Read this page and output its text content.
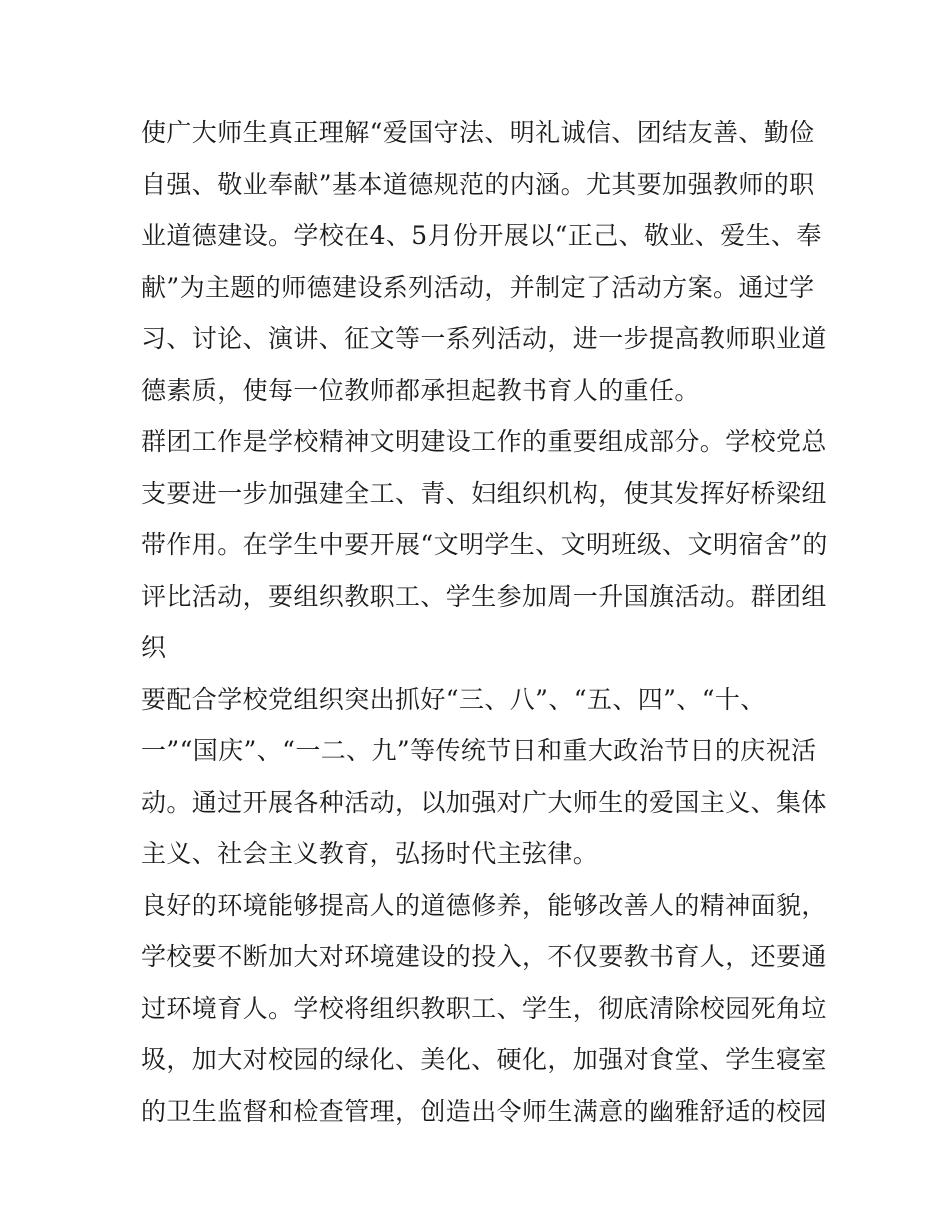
使广大师生真正理解“爱国守法、明礼诚信、团结友善、勤俭
自强、敬业奉献”基本道德规范的内涵。尤其要加强教师的职
业道德建设。学校在4、5月份开展以“正己、敬业、爱生、奉
献”为主题的师德建设系列活动，并制定了活动方案。通过学
习、讨论、演讲、征文等一系列活动，进一步提高教师职业道
德素质，使每一位教师都承担起教书育人的重任。
群团工作是学校精神文明建设工作的重要组成部分。学校党总
支要进一步加强建全工、青、妇组织机构，使其发挥好桥梁纽
带作用。在学生中要开展“文明学生、文明班级、文明宿舍”的
评比活动，要组织教职工、学生参加周一升国旗活动。群团组
织
要配合学校党组织突出抓好“三、八”、“五、四”、“十、
一”“国庆”、“一二、九”等传统节日和重大政治节日的庆祝活
动。通过开展各种活动，以加强对广大师生的爱国主义、集体
主义、社会主义教育，弘扬时代主弦律。
良好的环境能够提高人的道德修养，能够改善人的精神面貌，
学校要不断加大对环境建设的投入，不仅要教书育人，还要通
过环境育人。学校将组织教职工、学生，彻底清除校园死角垃
圾，加大对校园的绿化、美化、硬化，加强对食堂、学生寝室
的卫生监督和检查管理，创造出令师生满意的幽雅舒适的校园
